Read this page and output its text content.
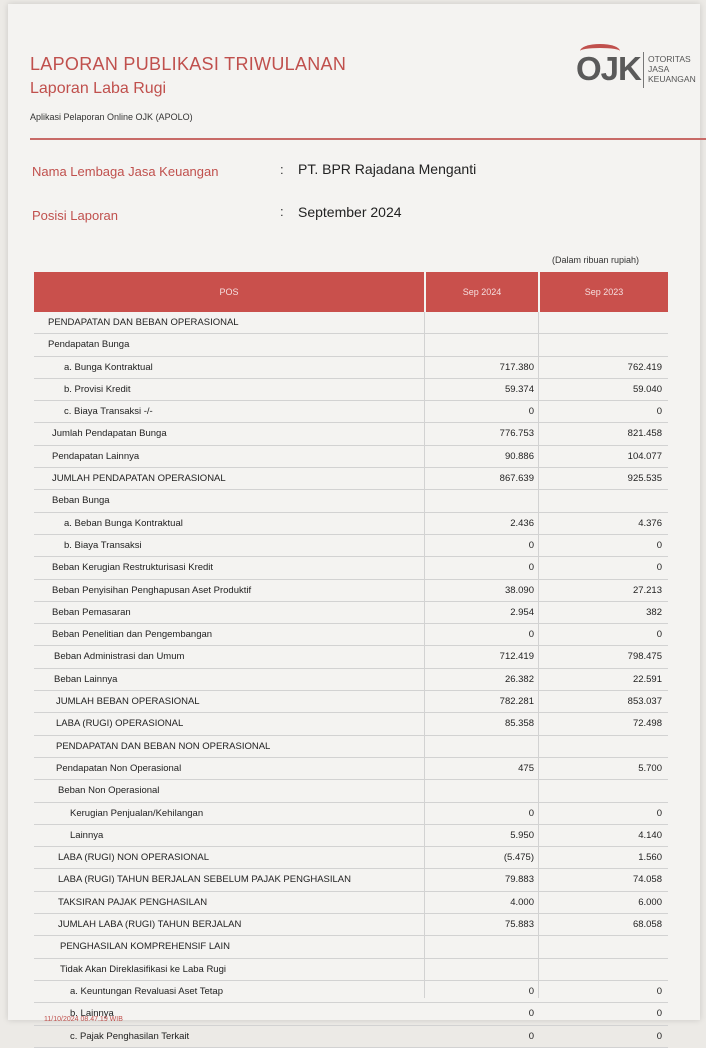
LAPORAN PUBLIKASI TRIWULANAN
Laporan Laba Rugi
Aplikasi Pelaporan Online OJK (APOLO)
OJK OTORITAS
JASA
KEUANGAN
Nama Lembaga Jasa Keuangan	: PT. BPR Rajadana Menganti
Posisi Laporan	: September 2024
(Dalam ribuan rupiah)
POS	Sep 2024	Sep 2023
PENDAPATAN DAN BEBAN OPERASIONAL
Pendapatan Bunga
a. Bunga Kontraktual	717.380	762.419
b. Provisi Kredit	59.374	59.040
c. Biaya Transaksi -/-	0	0
Jumlah Pendapatan Bunga	776.753	821.458
Pendapatan Lainnya	90.886	104.077
JUMLAH PENDAPATAN OPERASIONAL	867.639	925.535
Beban Bunga
a. Beban Bunga Kontraktual	2.436	4.376
b. Biaya Transaksi	0	0
Beban Kerugian Restrukturisasi Kredit	0	0
Beban Penyisihan Penghapusan Aset Produktif	38.090	27.213
Beban Pemasaran	2.954	382
Beban Penelitian dan Pengembangan	0	0
Beban Administrasi dan Umum	712.419	798.475
Beban Lainnya	26.382	22.591
JUMLAH BEBAN OPERASIONAL	782.281	853.037
LABA (RUGI) OPERASIONAL	85.358	72.498
PENDAPATAN DAN BEBAN NON OPERASIONAL
Pendapatan Non Operasional	475	5.700
Beban Non Operasional
Kerugian Penjualan/Kehilangan	0	0
Lainnya	5.950	4.140
LABA (RUGI) NON OPERASIONAL	(5.475)	1.560
LABA (RUGI) TAHUN BERJALAN SEBELUM PAJAK PENGHASILAN	79.883	74.058
TAKSIRAN PAJAK PENGHASILAN	4.000	6.000
JUMLAH LABA (RUGI) TAHUN BERJALAN	75.883	68.058
PENGHASILAN KOMPREHENSIF LAIN
Tidak Akan Direklasifikasi ke Laba Rugi
a. Keuntungan Revaluasi Aset Tetap	0	0
b. Lainnya	0	0
c. Pajak Penghasilan Terkait	0	0
11/10/2024 08.47.19 WIB
